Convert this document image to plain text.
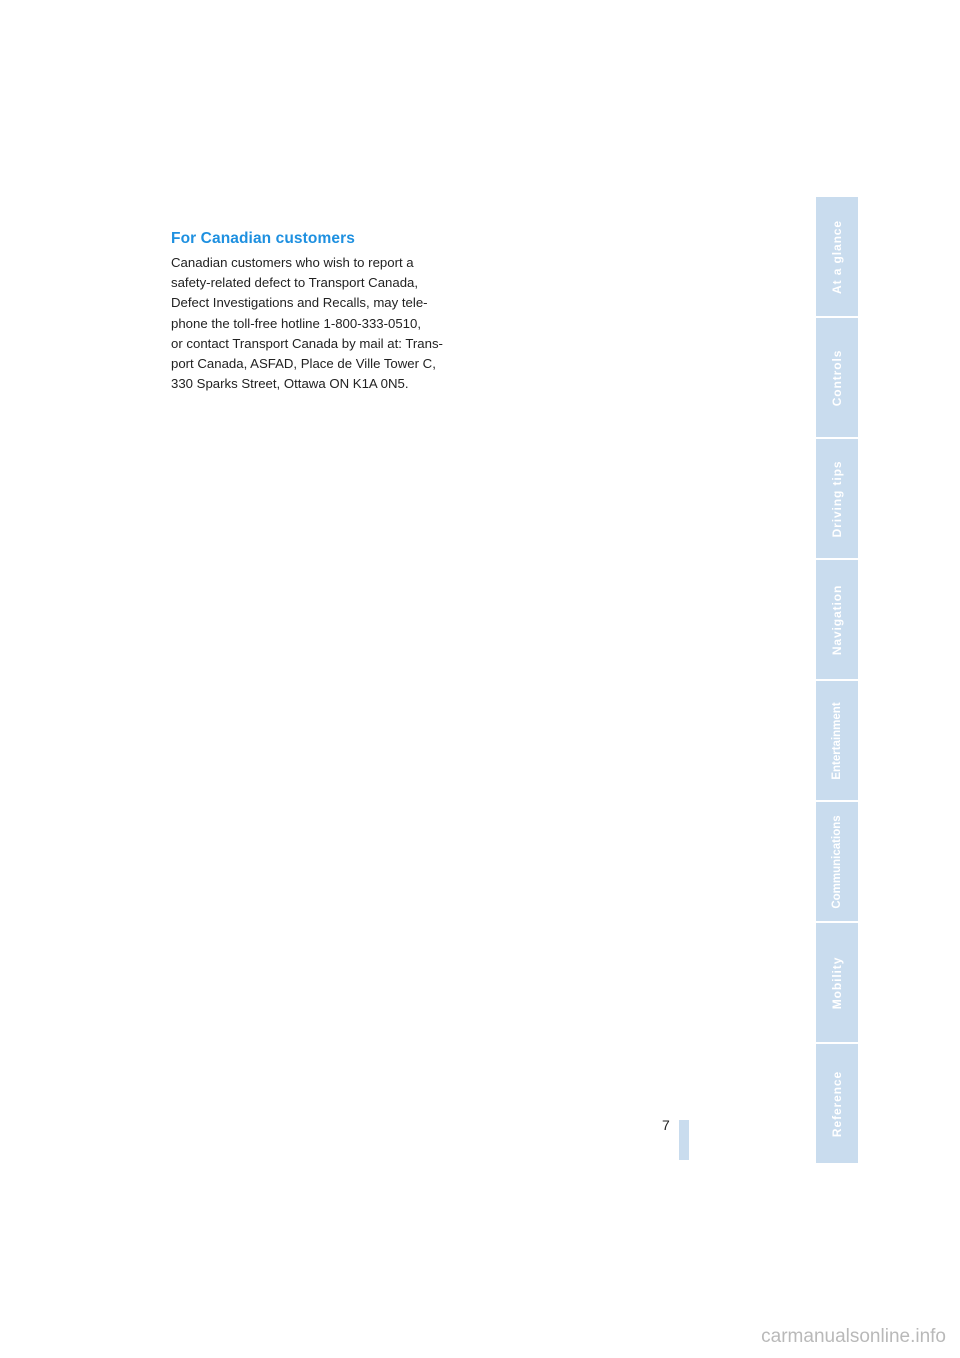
For Canadian customers

Canadian customers who wish to report a
safety-related defect to Transport Canada,
Defect Investigations and Recalls, may tele-
phone the toll-free hotline 1-800-333-0510,
or contact Transport Canada by mail at: Trans-
port Canada, ASFAD, Place de Ville Tower C,
330 Sparks Street, Ottawa ON K1A 0N5.

7
At a glance
Controls
Driving tips
Navigation
Entertainment
Communications
Mobility
Reference
carmanualsonline.info
